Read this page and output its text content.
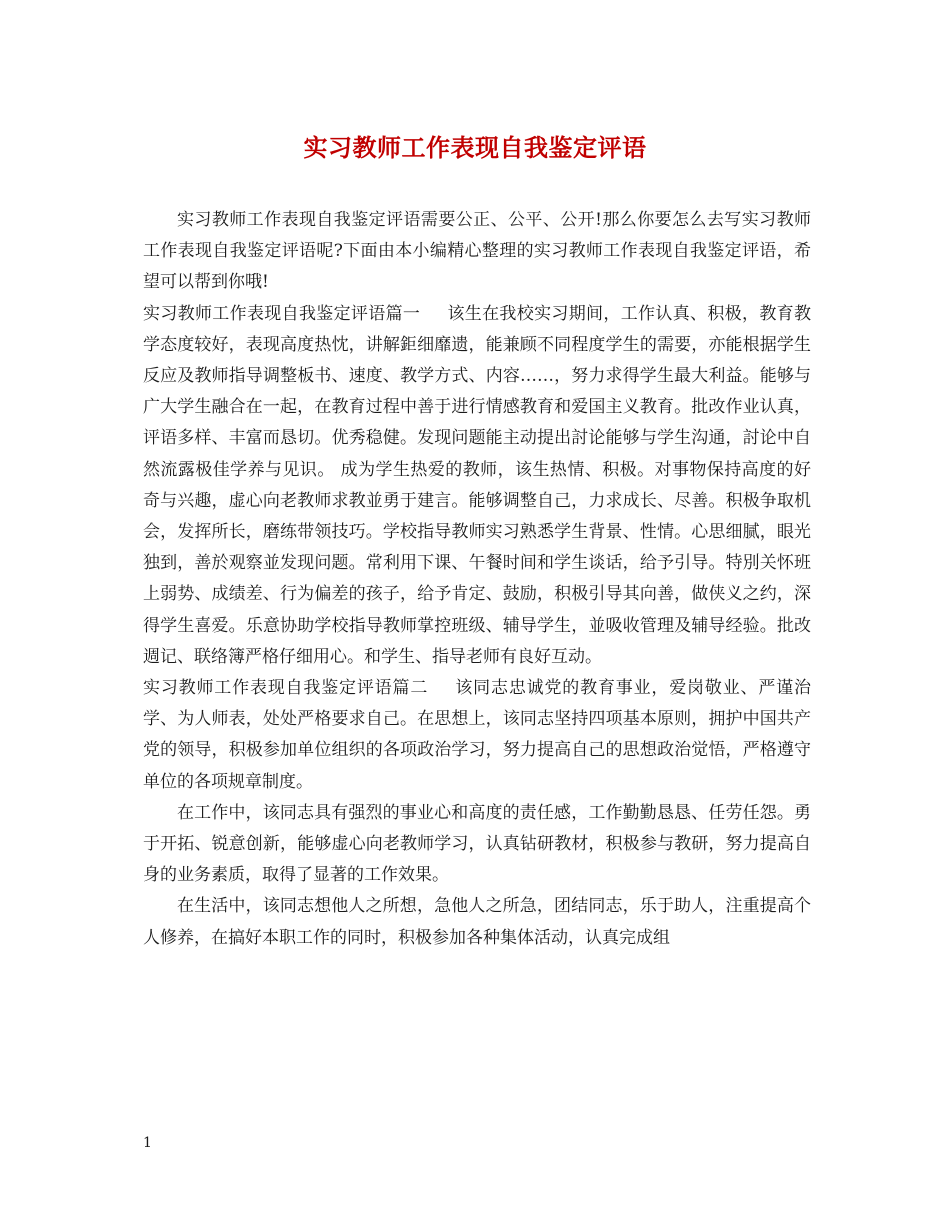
实习教师工作表现自我鉴定评语

实习教师工作表现自我鉴定评语需要公正、公平、公开!那么你要怎么去写实习教师工作表现自我鉴定评语呢?下面由本小编精心整理的实习教师工作表现自我鉴定评语，希望可以帮到你哦!

实习教师工作表现自我鉴定评语篇一 该生在我校实习期间，工作认真、积极，教育教学态度较好，表现高度热忱，讲解鉅细靡遗，能兼顾不同程度学生的需要，亦能根据学生反应及教师指导调整板书、速度、教学方式、内容……，努力求得学生最大利益。能够与广大学生融合在一起，在教育过程中善于进行情感教育和爱国主义教育。批改作业认真，评语多样、丰富而恳切。优秀稳健。发现问题能主动提出討论能够与学生沟通，討论中自然流露极佳学养与见识。 成为学生热爱的教师，该生热情、积极。对事物保持高度的好奇与兴趣，虚心向老教师求教並勇于建言。能够调整自己，力求成长、尽善。积极争取机会，发挥所长，磨练带领技巧。学校指导教师实习熟悉学生背景、性情。心思细腻，眼光独到，善於观察並发现问题。常利用下课、午餐时间和学生谈话，给予引导。特別关怀班上弱势、成绩差、行为偏差的孩子，给予肯定、鼓励，积极引导其向善，做侠义之约，深得学生喜爱。乐意协助学校指导教师掌控班级、辅导学生，並吸收管理及辅导经验。批改週记、联络簿严格仔细用心。和学生、指导老师有良好互动。

实习教师工作表现自我鉴定评语篇二 该同志忠诚党的教育事业，爱岗敬业、严谨治学、为人师表，处处严格要求自己。在思想上，该同志坚持四项基本原则，拥护中国共产党的领导，积极参加单位组织的各项政治学习，努力提高自己的思想政治觉悟，严格遵守单位的各项规章制度。

在工作中，该同志具有强烈的事业心和高度的责任感，工作勤勤恳恳、任劳任怨。勇于开拓、锐意创新，能够虚心向老教师学习，认真钻研教材，积极参与教研，努力提高自身的业务素质，取得了显著的工作效果。

在生活中，该同志想他人之所想，急他人之所急，团结同志，乐于助人，注重提高个人修养，在搞好本职工作的同时，积极参加各种集体活动，认真完成组

1
